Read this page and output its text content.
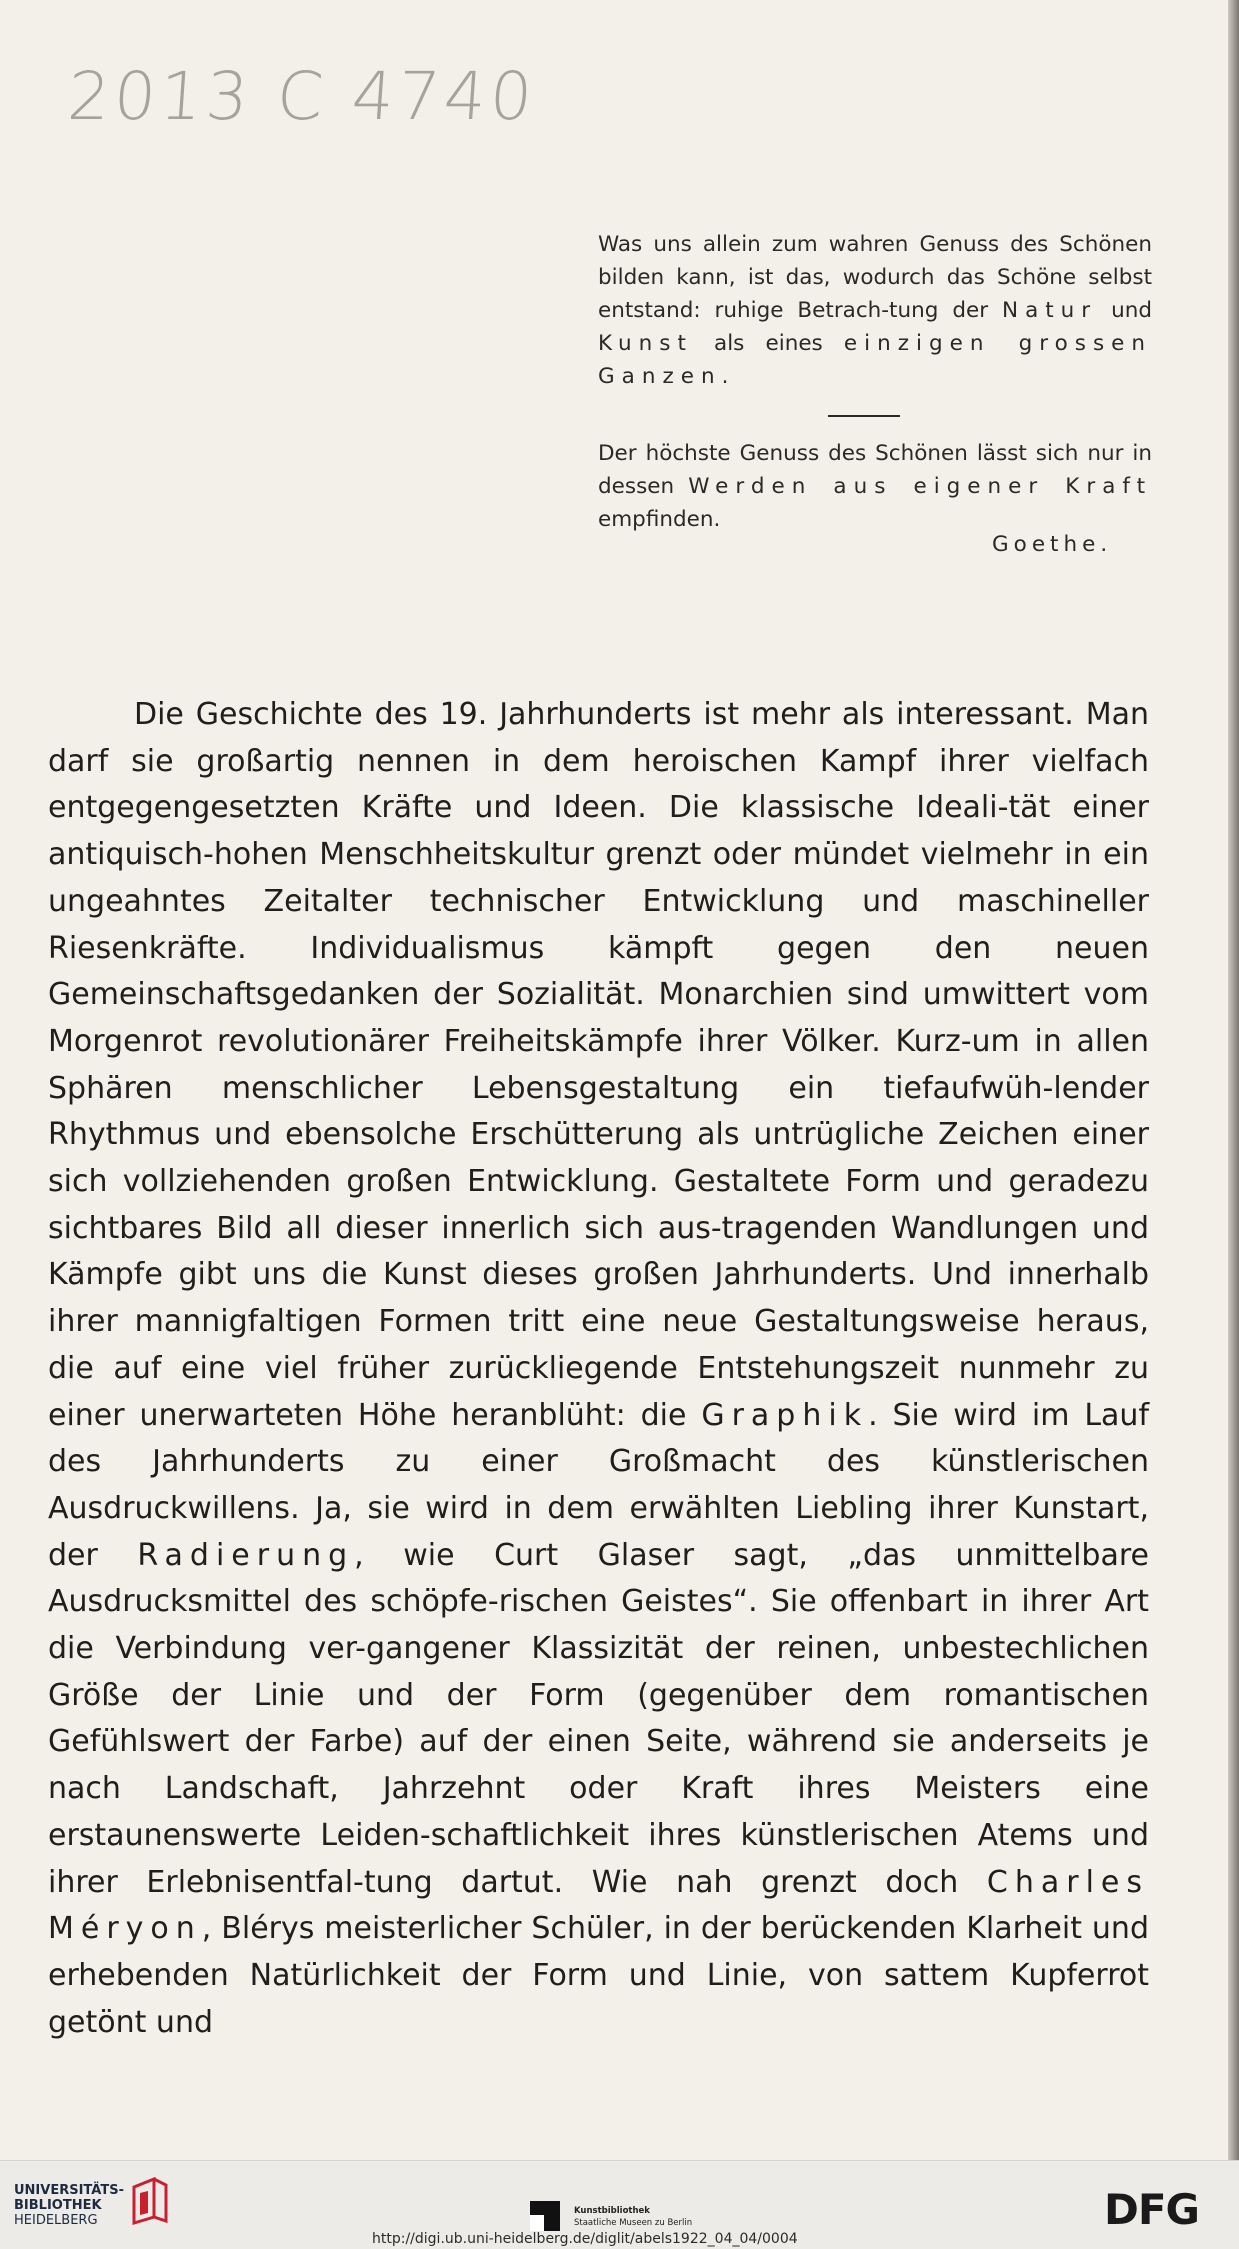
2013 C 4740

Was uns allein zum wahren Genuss des Schönen bilden kann, ist das, wodurch das Schöne selbst entstand: ruhige Betrach-tung der Natur und Kunst als eines einzigen grossen Ganzen.

Der höchste Genuss des Schönen lässt sich nur in dessen Werden aus eigener Kraft empfinden.

Goethe.

Die Geschichte des 19. Jahrhunderts ist mehr als interessant. Man darf sie großartig nennen in dem heroischen Kampf ihrer vielfach entgegengesetzten Kräfte und Ideen. Die klassische Ideali-tät einer antiquisch-hohen Menschheitskultur grenzt oder mündet vielmehr in ein ungeahntes Zeitalter technischer Entwicklung und maschineller Riesenkräfte. Individualismus kämpft gegen den neuen Gemeinschaftsgedanken der Sozialität. Monarchien sind umwittert vom Morgenrot revolutionärer Freiheitskämpfe ihrer Völker. Kurz-um in allen Sphären menschlicher Lebensgestaltung ein tiefaufwüh-lender Rhythmus und ebensolche Erschütterung als untrügliche Zeichen einer sich vollziehenden großen Entwicklung. Gestaltete Form und geradezu sichtbares Bild all dieser innerlich sich aus-tragenden Wandlungen und Kämpfe gibt uns die Kunst dieses großen Jahrhunderts. Und innerhalb ihrer mannigfaltigen Formen tritt eine neue Gestaltungsweise heraus, die auf eine viel früher zurückliegende Entstehungszeit nunmehr zu einer unerwarteten Höhe heranblüht: die Graphik. Sie wird im Lauf des Jahrhunderts zu einer Großmacht des künstlerischen Ausdruckwillens. Ja, sie wird in dem erwählten Liebling ihrer Kunstart, der Radierung, wie Curt Glaser sagt, „das unmittelbare Ausdrucksmittel des schöpfe-rischen Geistes“. Sie offenbart in ihrer Art die Verbindung ver-gangener Klassizität der reinen, unbestechlichen Größe der Linie und der Form (gegenüber dem romantischen Gefühlswert der Farbe) auf der einen Seite, während sie anderseits je nach Landschaft, Jahrzehnt oder Kraft ihres Meisters eine erstaunenswerte Leiden-schaftlichkeit ihres künstlerischen Atems und ihrer Erlebnisentfal-tung dartut. Wie nah grenzt doch Charles Méryon, Blérys meisterlicher Schüler, in der berückenden Klarheit und erhebenden Natürlichkeit der Form und Linie, von sattem Kupferrot getönt und

UNIVERSITÄTS-
BIBLIOTHEK
HEIDELBERG
Kunstbibliothek
Staatliche Museen zu Berlin	DFG
http://digi.ub.uni-heidelberg.de/diglit/abels1922_04_04/0004
